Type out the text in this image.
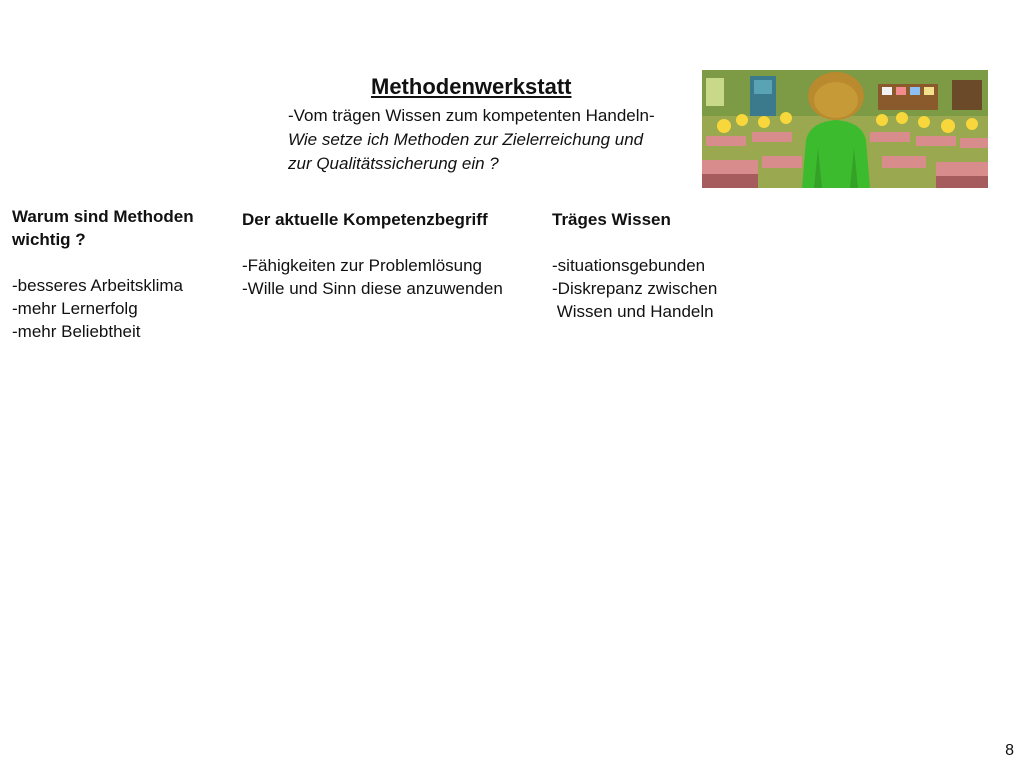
Methodenwerkstatt
-Vom trägen Wissen zum kompetenten Handeln-
Wie setze ich Methoden zur Zielerreichung und
zur Qualitätssicherung ein ?
Warum sind Methoden
wichtig ?
-besseres Arbeitsklima
-mehr Lernerfolg
-mehr Beliebtheit
Der aktuelle Kompetenzbegriff
-Fähigkeiten zur Problemlösung
-Wille und Sinn diese anzuwenden
Träges Wissen
-situationsgebunden
-Diskrepanz zwischen
Wissen und Handeln
8
